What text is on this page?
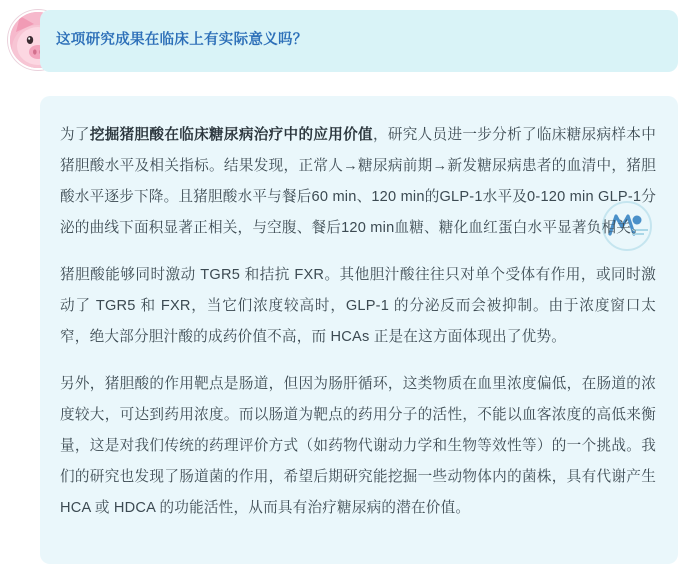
这项研究成果在临床上有实际意义吗？

为了挖掘猪胆酸在临床糖尿病治疗中的应用价值，研究人员进一步分析了临床糖尿病样本中猪胆酸水平及相关指标。结果发现，正常人→糖尿病前期→新发糖尿病患者的血清中，猪胆酸水平逐步下降。且猪胆酸水平与餐后60 min、120 min的GLP-1水平及0-120 min GLP-1分泌的曲线下面积显著正相关，与空腹、餐后120 min血糖、糖化血红蛋白水平显著负相关。

猪胆酸能够同时激动 TGR5 和拮抗 FXR。其他胆汁酸往往只对单个受体有作用，或同时激动了 TGR5 和 FXR，当它们浓度较高时，GLP-1 的分泌反而会被抑制。由于浓度窗口太窄，绝大部分胆汁酸的成药价值不高，而 HCAs 正是在这方面体现出了优势。

另外，猪胆酸的作用靶点是肠道，但因为肠肝循环，这类物质在血里浓度偏低，在肠道的浓度较大，可达到药用浓度。而以肠道为靶点的药用分子的活性，不能以血客浓度的高低来衡量，这是对我们传统的药理评价方式（如药物代谢动力学和生物等效性等）的一个挑战。我们的研究也发现了肠道菌的作用，希望后期研究能挖掘一些动物体内的菌株，具有代谢产生 HCA 或 HDCA 的功能活性，从而具有治疗糖尿病的潜在价值。
